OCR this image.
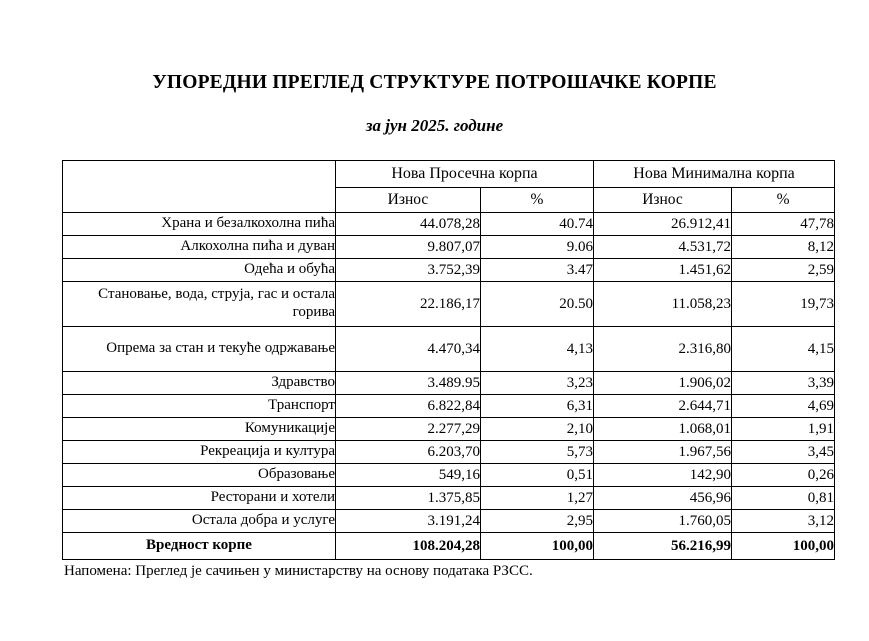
УПОРЕДНИ ПРЕГЛЕД СТРУКТУРЕ ПОТРОШАЧКЕ КОРПЕ
за јун 2025. године
	Нова Просечна корпа		Нова Минимална корпа	
	Износ	%	Износ	%
Храна и безалкохолна пића	44.078,28	40.74	26.912,41	47,78
Алкохолна пића и дуван	9.807,07	9.06	4.531,72	8,12
Одећа и обућа	3.752,39	3.47	1.451,62	2,59
Становање, вода, струја, гас и остала горива	22.186,17	20.50	11.058,23	19,73
Опрема за стан и текуће одржавање	4.470,34	4,13	2.316,80	4,15
Здравство	3.489.95	3,23	1.906,02	3,39
Транспорт	6.822,84	6,31	2.644,71	4,69
Комуникације	2.277,29	2,10	1.068,01	1,91
Рекреација и култура	6.203,70	5,73	1.967,56	3,45
Образовање	549,16	0,51	142,90	0,26
Ресторани и хотели	1.375,85	1,27	456,96	0,81
Остала добра и услуге	3.191,24	2,95	1.760,05	3,12
Вредност корпе	108.204,28	100,00	56.216,99	100,00
Напомена: Преглед је сачињен у министарству на основу података РЗСС.
